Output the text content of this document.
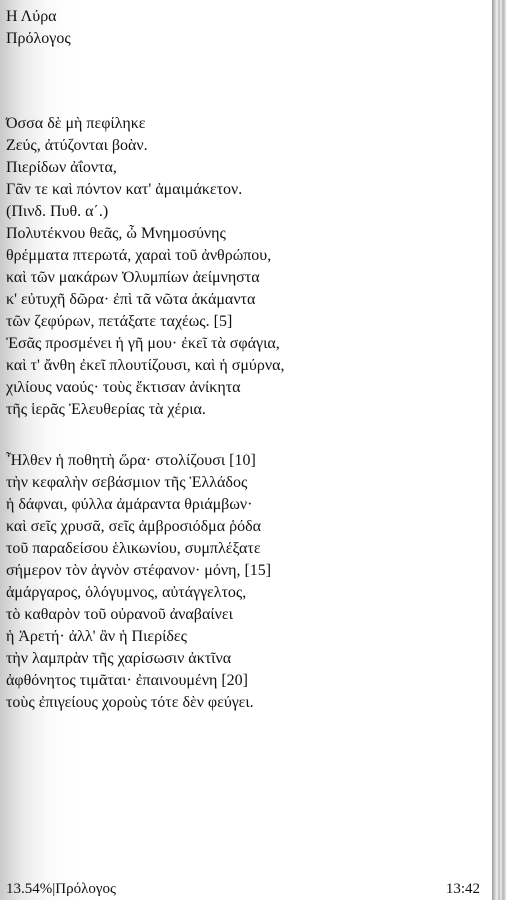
Η Λύρα
Πρόλογος
Όσσα δὲ μὴ πεφίληκε
Ζεύς, ἀτύζονται βοὰν.
Πιερίδων ἀΐοντα,
Γᾶν τε καὶ πόντον κατ' ἀμαιμάκετον.
(Πινδ. Πυθ. α΄.)
Πολυτέκνου θεᾶς, ὦ Μνημοσύνης
θρέμματα πτερωτά, χαραὶ τοῦ ἀνθρώπου,
καὶ τῶν μακάρων Ὀλυμπίων ἀείμνηστα
κ' εὐτυχῆ δῶρα· ἐπὶ τᾶ νῶτα ἀκάμαντα
τῶν ζεφύρων, πετάξατε ταχέως. [5]
Ἐσᾶς προσμένει ἡ γῆ μου· ἐκεῖ τὰ σφάγια,
καὶ τ' ἄνθη ἐκεῖ πλουτίζουσι, καὶ ἡ σμύρνα,
χιλίους ναούς· τοὺς ἔκτισαν ἀνίκητα
τῆς ἱερᾶς Ἐλευθερίας τὰ χέρια.
Ἦλθεν ἡ ποθητὴ ὥρα· στολίζουσι [10]
τὴν κεφαλὴν σεβάσμιον τῆς Ἑλλάδος
ἡ δάφναι, φύλλα ἀμάραντα θριάμβων·
καὶ σεῖς χρυσᾶ, σεῖς ἀμβροσιόδμα ῥόδα
τοῦ παραδείσου ἑλικωνίου, συμπλέξατε
σήμερον τὸν ἁγνὸν στέφανον· μόνη, [15]
ἀμάργαρος, ὁλόγυμνος, αὐτάγγελτος,
τὸ καθαρὸν τοῦ οὐρανοῦ ἀναβαίνει
ἡ Ἀρετή· ἀλλ' ἂν ἡ Πιερίδες
τὴν λαμπρὰν τῆς χαρίσωσιν ἀκτῖνα
ἀφθόνητος τιμᾶται· ἐπαινουμένη [20]
τοὺς ἐπιγείους χοροὺς τότε δὲν φεύγει.
13.54%|Πρόλογος	13:42
